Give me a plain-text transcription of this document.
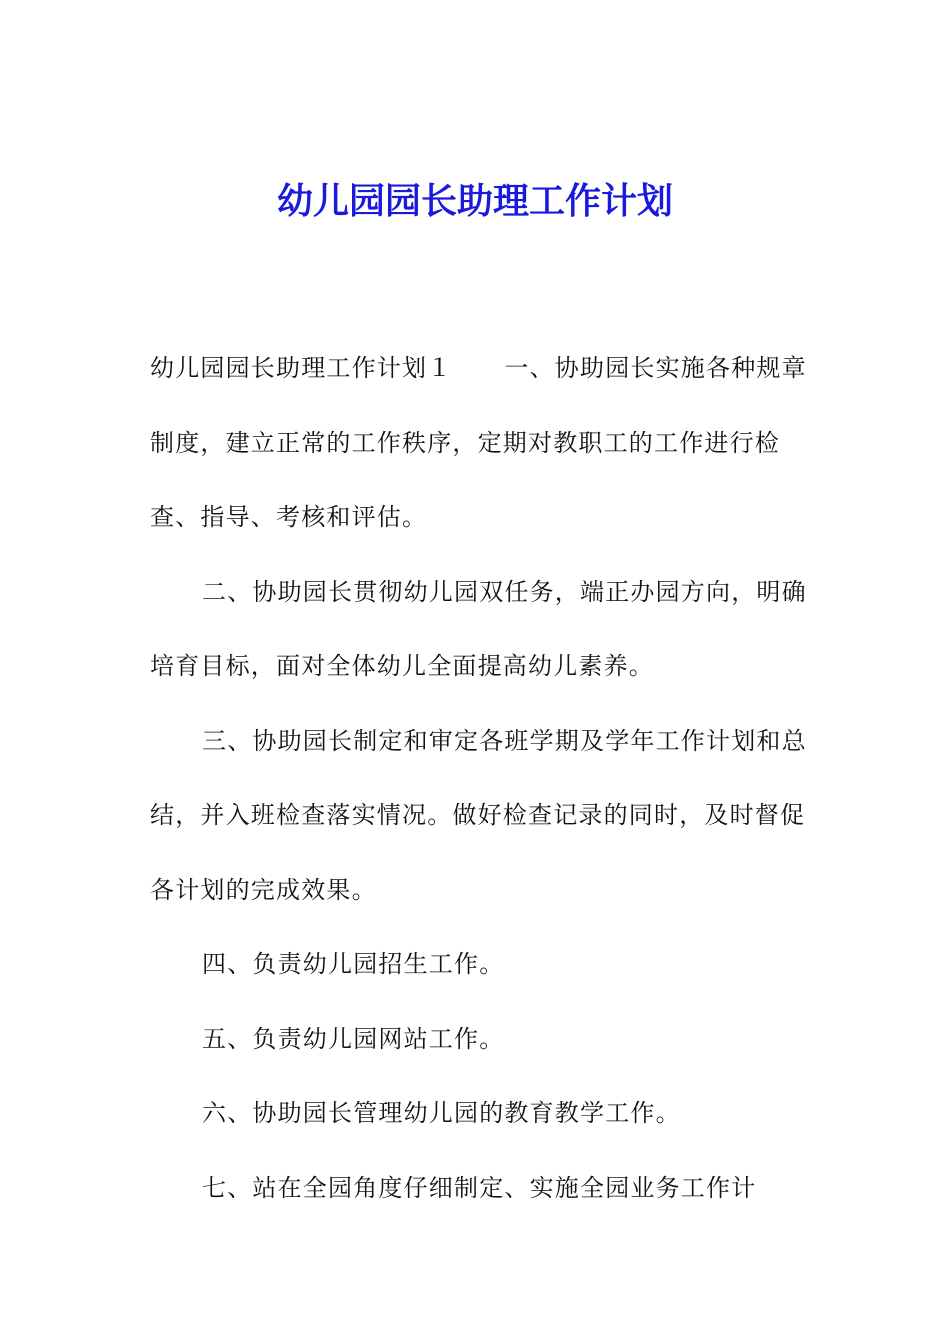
幼儿园园长助理工作计划

幼儿园园长助理工作计划１ 一、协助园长实施各种规章制度，建立正常的工作秩序，定期对教职工的工作进行检查、指导、考核和评估。

二、协助园长贯彻幼儿园双任务，端正办园方向，明确培育目标，面对全体幼儿全面提高幼儿素养。

三、协助园长制定和审定各班学期及学年工作计划和总结，并入班检查落实情况。做好检查记录的同时，及时督促各计划的完成效果。

四、负责幼儿园招生工作。

五、负责幼儿园网站工作。

六、协助园长管理幼儿园的教育教学工作。

七、站在全园角度仔细制定、实施全园业务工作计
